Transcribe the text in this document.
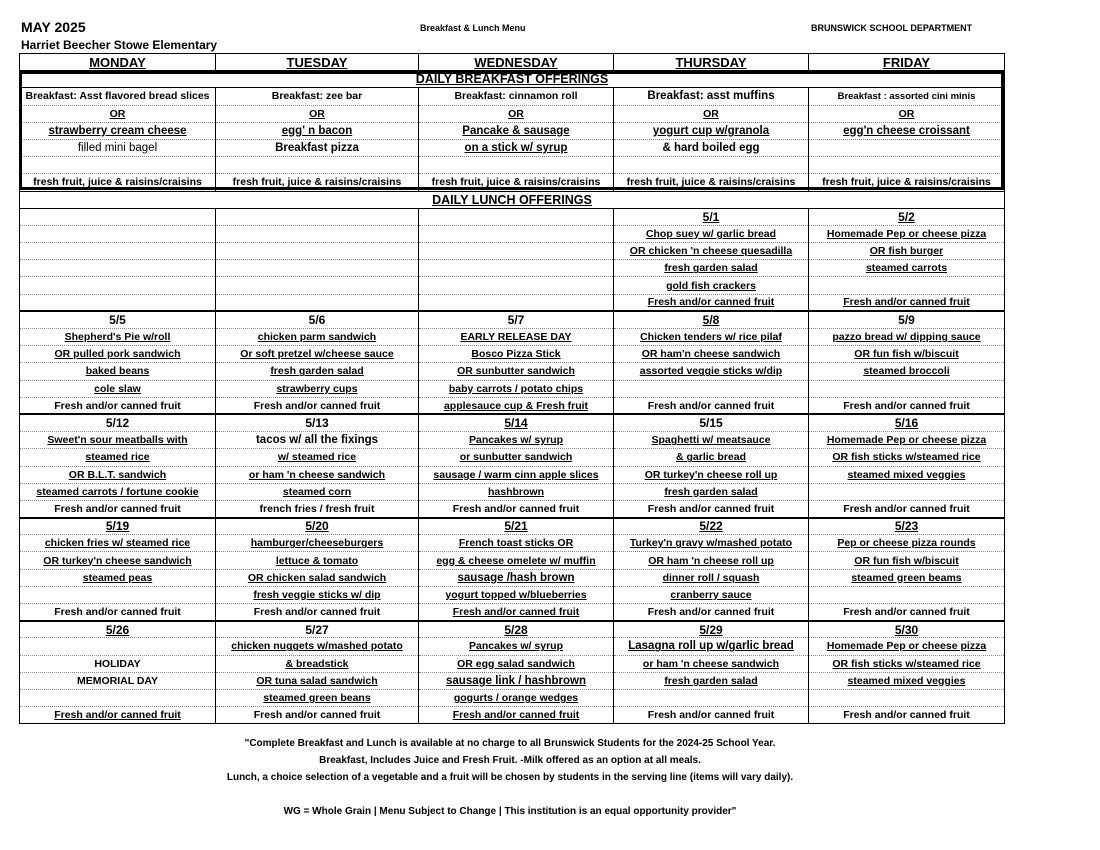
MAY 2025
Harriet Beecher Stowe Elementary
Breakfast & Lunch Menu	BRUNSWICK SCHOOL DEPARTMENT
MONDAY	TUESDAY	WEDNESDAY	THURSDAY	FRIDAY
DAILY BREAKFAST OFFERINGS				
Breakfast: Asst flavored bread slices	Breakfast: zee bar	Breakfast: cinnamon roll	Breakfast: asst muffins	Breakfast : assorted cini minis
OR	OR	OR	OR	OR
strawberry cream cheese	egg' n bacon	Pancake & sausage	yogurt cup w/granola	egg'n cheese croissant
filled mini bagel	Breakfast pizza	on a stick w/ syrup	& hard boiled egg	

fresh fruit, juice & raisins/craisins	fresh fruit, juice & raisins/craisins	fresh fruit, juice & raisins/craisins	fresh fruit, juice & raisins/craisins	fresh fruit, juice & raisins/craisins
DAILY LUNCH OFFERINGS				
			5/1	5/2
			Chop suey w/ garlic bread	Homemade Pep or cheese pizza
			OR chicken 'n cheese quesadilla	OR fish burger
			fresh garden salad	steamed carrots
			gold fish crackers	
			Fresh and/or canned fruit	Fresh and/or canned fruit
5/5	5/6	5/7	5/8	5/9
Shepherd's Pie w/roll	chicken parm sandwich	EARLY RELEASE DAY	Chicken tenders w/ rice pilaf	pazzo bread w/ dipping sauce
OR pulled pork sandwich	Or soft pretzel w/cheese sauce	Bosco Pizza Stick	OR ham'n cheese sandwich	OR fun fish w/biscuit
baked beans	fresh garden salad	OR sunbutter sandwich	assorted veggie sticks w/dip	steamed broccoli
cole slaw	strawberry cups	baby carrots / potato chips		
Fresh and/or canned fruit	Fresh and/or canned fruit	applesauce cup & Fresh fruit	Fresh and/or canned fruit	Fresh and/or canned fruit
5/12	5/13	5/14	5/15	5/16
Sweet'n sour meatballs with	tacos w/ all the fixings	Pancakes w/ syrup	Spaghetti w/ meatsauce	Homemade Pep or cheese pizza
steamed rice	w/ steamed rice	or sunbutter sandwich	& garlic bread	OR fish sticks w/steamed rice
OR B.L.T. sandwich	or ham 'n cheese sandwich	sausage / warm cinn apple slices	OR turkey'n cheese roll up	steamed mixed veggies
steamed carrots / fortune cookie	steamed corn	hashbrown	fresh garden salad	
Fresh and/or canned fruit	french fries / fresh fruit	Fresh and/or canned fruit	Fresh and/or canned fruit	Fresh and/or canned fruit
5/19	5/20	5/21	5/22	5/23
chicken fries w/ steamed rice	hamburger/cheeseburgers	French toast sticks OR	Turkey'n gravy w/mashed potato	Pep or cheese pizza rounds
OR turkey'n cheese sandwich	lettuce & tomato	egg & cheese omelete w/ muffin	OR ham 'n cheese roll up	OR fun fish w/biscuit
steamed peas	OR chicken salad sandwich	sausage /hash brown	dinner roll / squash	steamed green beams
	fresh veggie sticks w/ dip	yogurt topped w/blueberries	cranberry sauce	
Fresh and/or canned fruit	Fresh and/or canned fruit	Fresh and/or canned fruit	Fresh and/or canned fruit	Fresh and/or canned fruit
5/26	5/27	5/28	5/29	5/30
	chicken nuggets w/mashed potato	Pancakes w/ syrup	Lasagna roll up w/garlic bread	Homemade Pep or cheese pizza
HOLIDAY	& breadstick	OR egg salad sandwich	or ham 'n cheese sandwich	OR fish sticks w/steamed rice
MEMORIAL DAY	OR tuna salad sandwich	sausage link / hashbrown	fresh garden salad	steamed mixed veggies
	steamed green beans	gogurts / orange wedges		
Fresh and/or canned fruit	Fresh and/or canned fruit	Fresh and/or canned fruit	Fresh and/or canned fruit	Fresh and/or canned fruit
"Complete Breakfast and Lunch is available at no charge to all Brunswick Students for the 2024-25 School Year.
Breakfast, Includes Juice and Fresh Fruit. -Milk offered as an option at all meals.
Lunch, a choice selection of a vegetable and a fruit will be chosen by students in the serving line (items will vary daily).
WG = Whole Grain | Menu Subject to Change | This institution is an equal opportunity provider"
